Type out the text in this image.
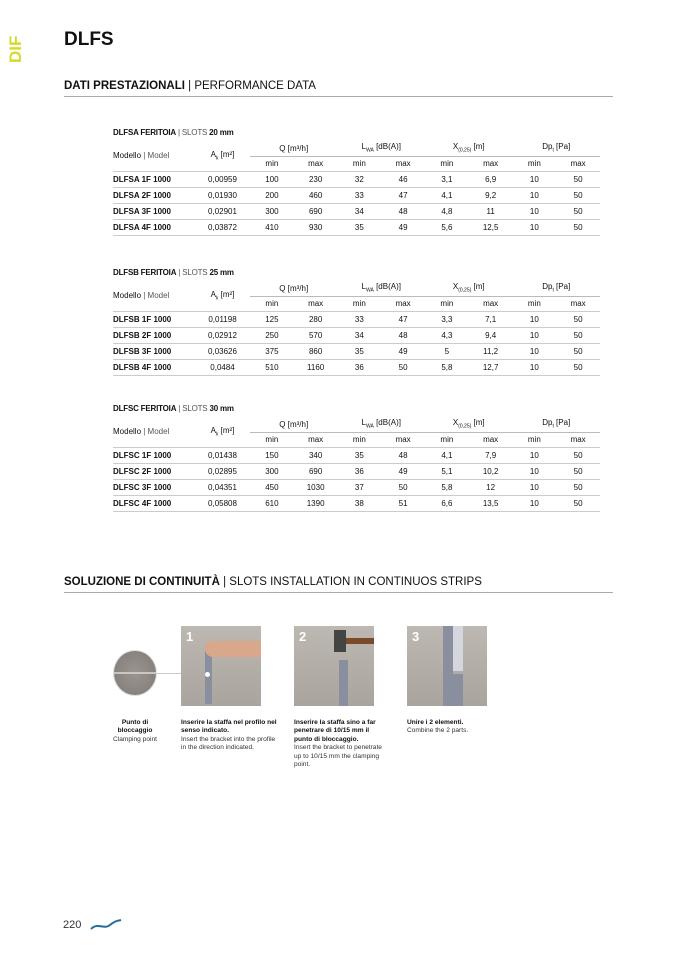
DIF DLFS
DATI PRESTAZIONALI | PERFORMANCE DATA
DLFSA FERITOIA | SLOTS 20 mm
Modello | Model	$A_k$ [m²]	Q [m³/h]		$L_{WA}$ [dB(A)]		$X_{(0,25)}$ [m]		$Dp_t$ [Pa]	
		min	max	min	max	min	max	min	max
DLFSA 1F 1000	0,00959	100	230	32	46	3,1	6,9	10	50
DLFSA 2F 1000	0,01930	200	460	33	47	4,1	9,2	10	50
DLFSA 3F 1000	0,02901	300	690	34	48	4,8	11	10	50
DLFSA 4F 1000	0,03872	410	930	35	49	5,6	12,5	10	50
DLFSB FERITOIA | SLOTS 25 mm
Modello | Model	$A_k$ [m²]	Q [m³/h]		$L_{WA}$ [dB(A)]		$X_{(0,25)}$ [m]		$Dp_t$ [Pa]	
		min	max	min	max	min	max	min	max
DLFSB 1F 1000	0,01198	125	280	33	47	3,3	7,1	10	50
DLFSB 2F 1000	0,02912	250	570	34	48	4,3	9,4	10	50
DLFSB 3F 1000	0,03626	375	860	35	49	5	11,2	10	50
DLFSB 4F 1000	0,0484	510	1160	36	50	5,8	12,7	10	50
DLFSC FERITOIA | SLOTS 30 mm
Modello | Model	$A_k$ [m²]	Q [m³/h]		$L_{WA}$ [dB(A)]		$X_{(0,25)}$ [m]		$Dp_t$ [Pa]	
		min	max	min	max	min	max	min	max
DLFSC 1F 1000	0,01438	150	340	35	48	4,1	7,9	10	50
DLFSC 2F 1000	0,02895	300	690	36	49	5,1	10,2	10	50
DLFSC 3F 1000	0,04351	450	1030	37	50	5,8	12	10	50
DLFSC 4F 1000	0,05808	610	1390	38	51	6,6	13,5	10	50
SOLUZIONE DI CONTINUITÀ | SLOTS INSTALLATION IN CONTINUOS STRIPS
1	2	3
Punto di bloccaggio
Clamping point
Inserire la staffa nel profilo nel senso indicato.
Insert the bracket into the profile in the direction indicated.
Inserire la staffa sino a far penetrare di 10/15 mm il punto di bloccaggio.
Insert the bracket to penetrate up to 10/15 mm the clamping point.
Unire i 2 elementi.
Combine the 2 parts.
220
